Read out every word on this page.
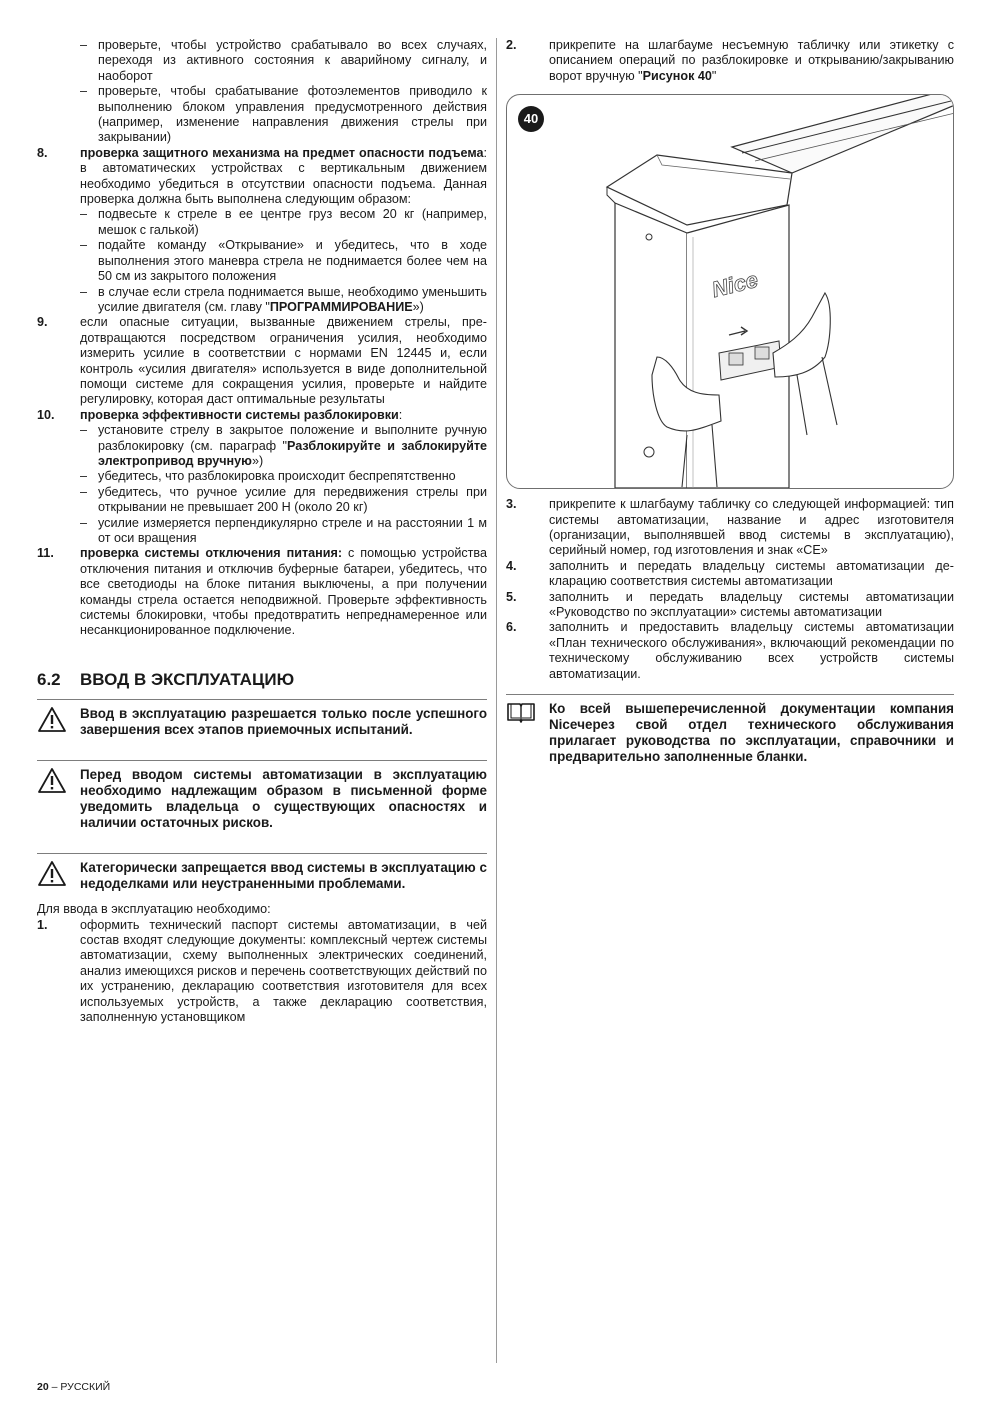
– проверьте, чтобы устройство срабатывало во всех случаях, переходя из активного состояния к аварийному сигналу, и наоборот
– проверьте, чтобы срабатывание фотоэлементов приводило к выполнению блоком управления предусмотренного действия (например, изменение направления движения стрелы при закрывании)
8.	проверка защитного механизма на предмет опасности подъема: в автоматических устройствах с вертикальным движением необходимо убедиться в отсутствии опасности подъема. Данная проверка должна быть выполнена следующим образом:
– подвесьте к стреле в ее центре груз весом 20 кг (например, мешок с галькой)
– подайте команду «Открывание» и убедитесь, что в ходе выполнения этого маневра стрела не поднимается более чем на 50 см из закрытого положения
– в случае если стрела поднимается выше, необходимо уменьшить усилие двигателя (см. главу "ПРОГРАММИРОВАНИЕ»)
9.	если опасные ситуации, вызванные движением стрелы, предотвращаются посредством ограничения усилия, необходимо измерить усилие в соответствии с нормами EN 12445 и, если контроль «усилия двигателя» используется в виде дополнительной помощи системе для сокращения усилия, проверьте и найдите регулировку, которая даст оптимальные результаты
10.	проверка эффективности системы разблокировки:
– установите стрелу в закрытое положение и выполните ручную разблокировку (см. параграф "Разблокируйте и заблокируйте электропривод вручную»)
– убедитесь, что разблокировка происходит беспрепятственно
– убедитесь, что ручное усилие для передвижения стрелы при открывании не превышает 200 Н (около 20 кг)
– усилие измеряется перпендикулярно стреле и на расстоянии 1 м от оси вращения
11.	проверка системы отключения питания: с помощью устройства отключения питания и отключив буферные батареи, убедитесь, что все светодиоды на блоке питания выключены, а при получении команды стрела остается неподвижной. Проверьте эффективность системы блокировки, чтобы предотвратить непреднамеренное или несанкционированное подключение.
6.2	ВВОД В ЭКСПЛУАТАЦИЮ
Ввод в эксплуатацию разрешается только после успешного завершения всех этапов приемочных испытаний.
Перед вводом системы автоматизации в эксплуатацию необходимо надлежащим образом в письменной форме уведомить владельца о существующих опасностях и наличии остаточных рисков.
Категорически запрещается ввод системы в эксплуатацию с недоделками или неустраненными проблемами.

Для ввода в эксплуатацию необходимо:

1.	оформить технический паспорт системы автоматизации, в чей состав входят следующие документы: комплексный чертеж системы автоматизации, схему выполненных электрических соединений, анализ имеющихся рисков и перечень соответствующих действий по их устранению, декларацию соответствия изготовителя для всех используемых устройств, а также декларацию соответствия, заполненную установщиком
2.	прикрепите на шлагбауме несъемную табличку или этикетку с описанием операций по разблокировке и открыванию/закрыванию ворот вручную "Рисунок 40"
Nice
40
3.	прикрепите к шлагбауму табличку со следующей информацией: тип системы автоматизации, название и адрес изготовителя (организации, выполнявшей ввод системы в эксплуатацию), серийный номер, год изготовления и знак «CE»
4.	заполнить и передать владельцу системы автоматизации декларацию соответствия системы автоматизации
5.	заполнить и передать владельцу системы автоматизации «Руководство по эксплуатации» системы автоматизации
6.	заполнить и предоставить владельцу системы автоматизации «План технического обслуживания», включающий рекомендации по техническому обслуживанию всех устройств системы автоматизации.
Ко всей вышеперечисленной документации компания Niceчерез свой отдел технического обслуживания прилагает руководства по эксплуатации, справочники и предварительно заполненные бланки.
20 – РУССКИЙ
